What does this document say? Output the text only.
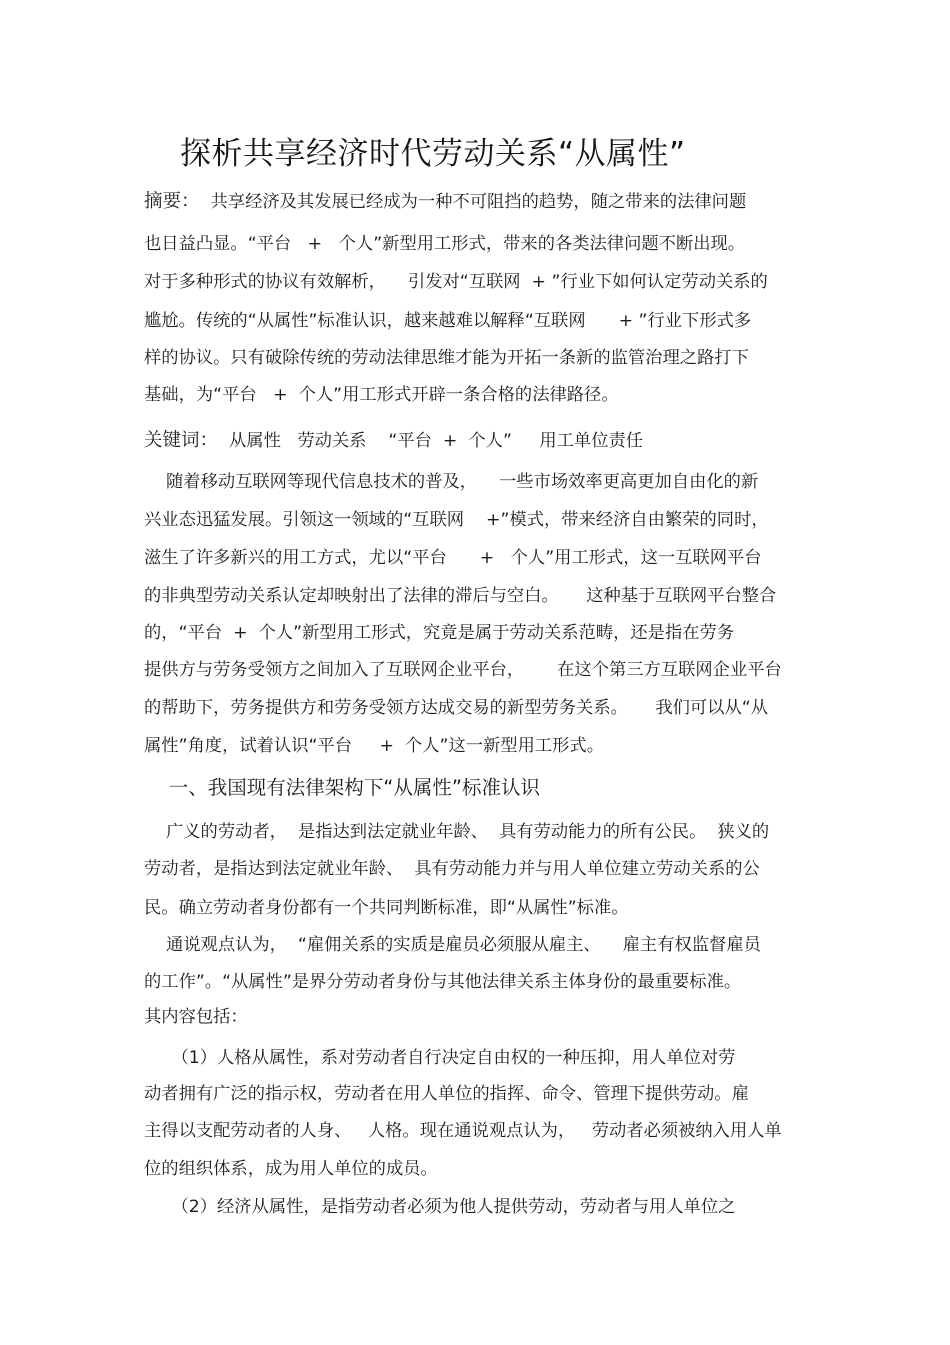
探析共享经济时代劳动关系“从属性”
摘要：  共享经济及其发展已经成为一种不可阻挡的趋势，随之带来的法律问题
也日益凸显。“平台   +   个人”新型用工形式，带来的各类法律问题不断出现。
对于多种形式的协议有效解析，    引发对“互联网  + ”行业下如何认定劳动关系的
尴尬。传统的“从属性”标准认识，越来越难以解释“互联网      + ”行业下形式多
样的协议。只有破除传统的劳动法律思维才能为开拓一条新的监管治理之路打下
基础，为“平台   +  个人”用工形式开辟一条合格的法律路径。
关键词：  从属性   劳动关系    “平台  +  个人”     用工单位责任
随着移动互联网等现代信息技术的普及，    一些市场效率更高更加自由化的新
兴业态迅猛发展。引领这一领域的“互联网    +”模式，带来经济自由繁荣的同时，
滋生了许多新兴的用工方式，尤以“平台      +   个人”用工形式，这一互联网平台
的非典型劳动关系认定却映射出了法律的滞后与空白。     这种基于互联网平台整合
的，“平台  +  个人”新型用工形式，究竟是属于劳动关系范畴，还是指在劳务
提供方与劳务受领方之间加入了互联网企业平台，      在这个第三方互联网企业平台
的帮助下，劳务提供方和劳务受领方达成交易的新型劳务关系。     我们可以从“从
属性”角度，试着认识“平台     +  个人”这一新型用工形式。
一、我国现有法律架构下“从属性”标准认识
广义的劳动者，  是指达到法定就业年龄、  具有劳动能力的所有公民。  狭义的
劳动者，是指达到法定就业年龄、  具有劳动能力并与用人单位建立劳动关系的公
民。确立劳动者身份都有一个共同判断标准，即“从属性”标准。
通说观点认为，  “雇佣关系的实质是雇员必须服从雇主、    雇主有权监督雇员
的工作”。“从属性”是界分劳动者身份与其他法律关系主体身份的最重要标准。
其内容包括：
（1）人格从属性，系对劳动者自行决定自由权的一种压抑，用人单位对劳
动者拥有广泛的指示权，劳动者在用人单位的指挥、命令、管理下提供劳动。雇
主得以支配劳动者的人身、   人格。现在通说观点认为，   劳动者必须被纳入用人单
位的组织体系，成为用人单位的成员。
（2）经济从属性，是指劳动者必须为他人提供劳动，劳动者与用人单位之
